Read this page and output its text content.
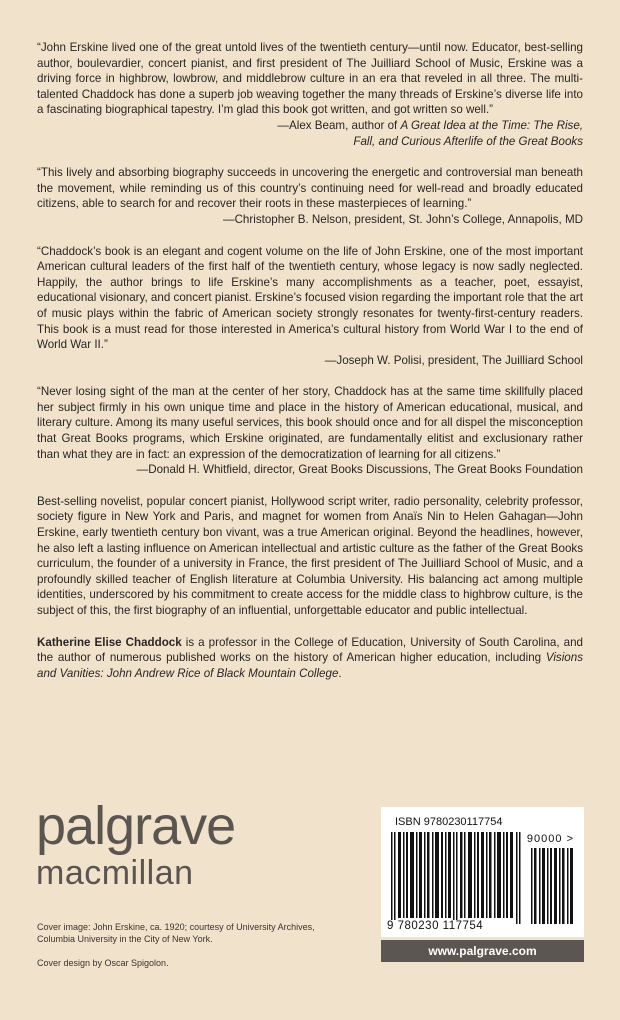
“John Erskine lived one of the great untold lives of the twentieth century—until now. Educator, best-selling author, boulevardier, concert pianist, and first president of The Juilliard School of Music, Erskine was a driving force in highbrow, lowbrow, and middlebrow culture in an era that reveled in all three. The multi-talented Chaddock has done a superb job weaving together the many threads of Erskine’s diverse life into a fascinating biographical tapestry. I’m glad this book got written, and got written so well.”

—Alex Beam, author of A Great Idea at the Time: The Rise,
Fall, and Curious Afterlife of the Great Books

“This lively and absorbing biography succeeds in uncovering the energetic and controversial man beneath the movement, while reminding us of this country’s continuing need for well-read and broadly educated citizens, able to search for and recover their roots in these masterpieces of learning.”

—Christopher B. Nelson, president, St. John’s College, Annapolis, MD

“Chaddock’s book is an elegant and cogent volume on the life of John Erskine, one of the most important American cultural leaders of the first half of the twentieth century, whose legacy is now sadly neglected. Happily, the author brings to life Erskine’s many accomplishments as a teacher, poet, essayist, educational visionary, and concert pianist. Erskine’s focused vision regarding the important role that the art of music plays within the fabric of American society strongly resonates for twenty-first-century readers. This book is a must read for those interested in America’s cultural history from World War I to the end of World War II.”

—Joseph W. Polisi, president, The Juilliard School

“Never losing sight of the man at the center of her story, Chaddock has at the same time skillfully placed her subject firmly in his own unique time and place in the history of American educational, musical, and literary culture. Among its many useful services, this book should once and for all dispel the misconception that Great Books programs, which Erskine originated, are fundamentally elitist and exclusionary rather than what they are in fact: an expression of the democratization of learning for all citizens.”

—Donald H. Whitfield, director, Great Books Discussions, The Great Books Foundation

Best-selling novelist, popular concert pianist, Hollywood script writer, radio personality, celebrity professor, society figure in New York and Paris, and magnet for women from Anaïs Nin to Helen Gahagan—John Erskine, early twentieth century bon vivant, was a true American original. Beyond the headlines, however, he also left a lasting influence on American intellectual and artistic culture as the father of the Great Books curriculum, the founder of a university in France, the first president of The Juilliard School of Music, and a profoundly skilled teacher of English literature at Columbia University. His balancing act among multiple identities, underscored by his commitment to create access for the middle class to highbrow culture, is the subject of this, the first biography of an influential, unforgettable educator and public intellectual.

Katherine Elise Chaddock is a professor in the College of Education, University of South Carolina, and the author of numerous published works on the history of American higher education, including Visions and Vanities: John Andrew Rice of Black Mountain College.

palgrave
macmillan

Cover image: John Erskine, ca. 1920; courtesy of University Archives, Columbia University in the City of New York.

Cover design by Oscar Spigolon.

ISBN 9780230117754
90000 >
9 780230 117754
www.palgrave.com
